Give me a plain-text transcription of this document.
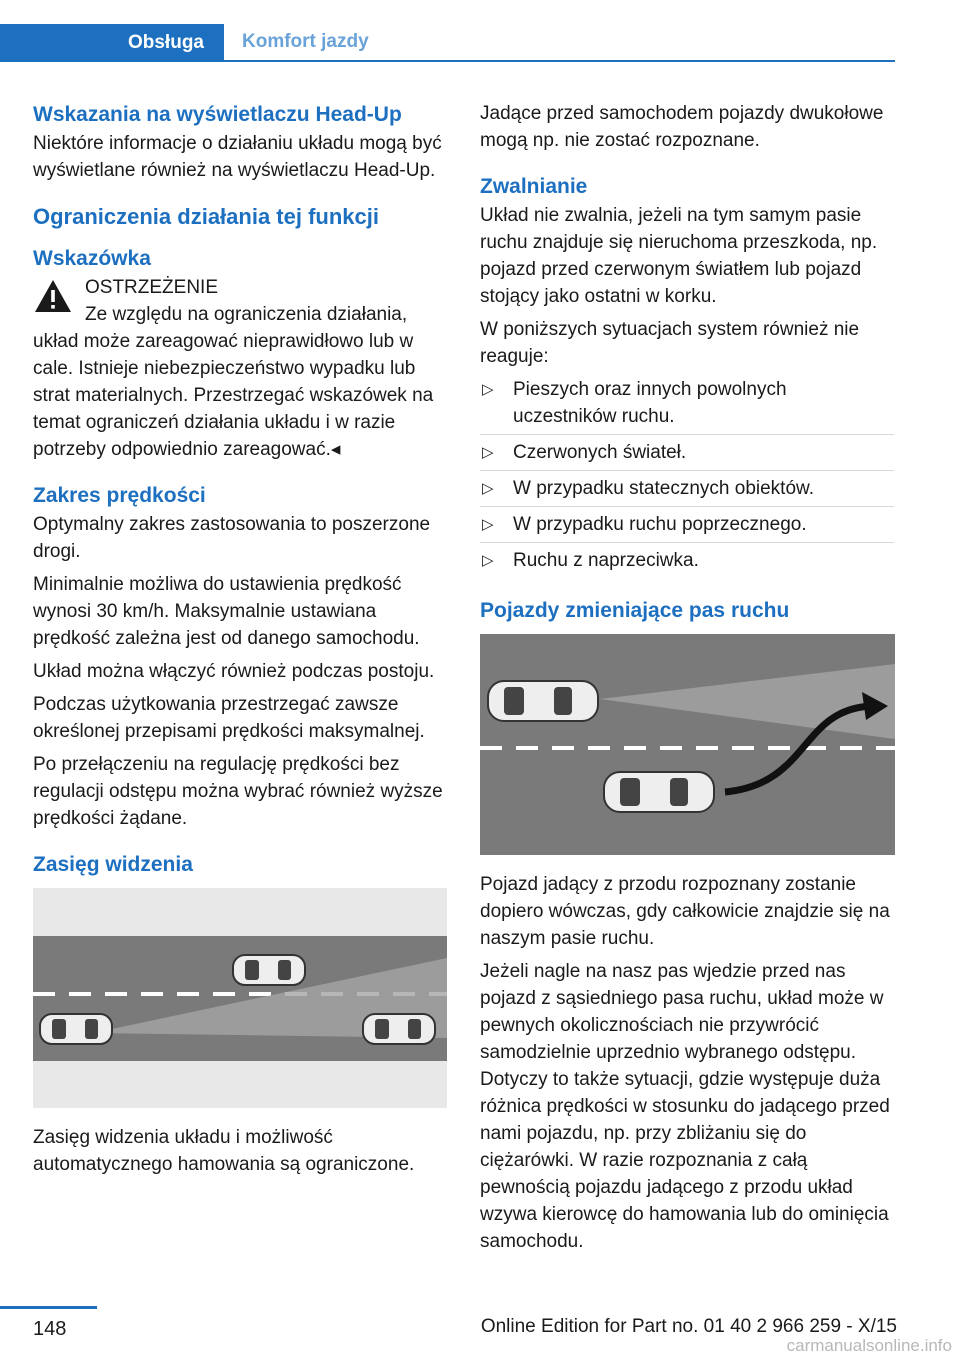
Obsługa Komfort jazdy
Wskazania na wyświetlaczu Head-Up

Niektóre informacje o działaniu układu mogą być wyświetlane również na wyświetlaczu Head-Up.

Ograniczenia działania tej funkcji
Wskazówka
OSTRZEŻENIE
Ze względu na ograniczenia działania,
układ może zareagować nieprawidłowo lub w cale. Istnieje niebezpieczeństwo wypadku lub strat materialnych. Przestrzegać wskazówek na temat ograniczeń działania układu i w razie potrzeby odpowiednio zareagować.◂
Zakres prędkości

Optymalny zakres zastosowania to poszerzone drogi.

Minimalnie możliwa do ustawienia prędkość wynosi 30 km/h. Maksymalnie ustawiana prędkość zależna jest od danego samochodu.

Układ można włączyć również podczas postoju.

Podczas użytkowania przestrzegać zawsze określonej przepisami prędkości maksymalnej.

Po przełączeniu na regulację prędkości bez regulacji odstępu można wybrać również wyższe prędkości żądane.

Zasięg widzenia

Zasięg widzenia układu i możliwość automatycznego hamowania są ograniczone.

Jadące przed samochodem pojazdy dwukołowe mogą np. nie zostać rozpoznane.

Zwalnianie

Układ nie zwalnia, jeżeli na tym samym pasie ruchu znajduje się nieruchoma przeszkoda, np. pojazd przed czerwonym światłem lub pojazd stojący jako ostatni w korku.

W poniższych sytuacjach system również nie reaguje:

▷ Pieszych oraz innych powolnych uczestników ruchu.
▷ Czerwonych świateł.
▷ W przypadku statecznych obiektów.
▷ W przypadku ruchu poprzecznego.
▷ Ruchu z naprzeciwka.
Pojazdy zmieniające pas ruchu

Pojazd jadący z przodu rozpoznany zostanie dopiero wówczas, gdy całkowicie znajdzie się na naszym pasie ruchu.

Jeżeli nagle na nasz pas wjedzie przed nas pojazd z sąsiedniego pasa ruchu, układ może w pewnych okolicznościach nie przywrócić samodzielnie uprzednio wybranego odstępu. Dotyczy to także sytuacji, gdzie występuje duża różnica prędkości w stosunku do jadącego przed nami pojazdu, np. przy zbliżaniu się do ciężarówki. W razie rozpoznania z całą pewnością pojazdu jadącego z przodu układ wzywa kierowcę do hamowania lub do ominięcia samochodu.

148	Online Edition for Part no. 01 40 2 966 259 - X/15
carmanualsonline.info
